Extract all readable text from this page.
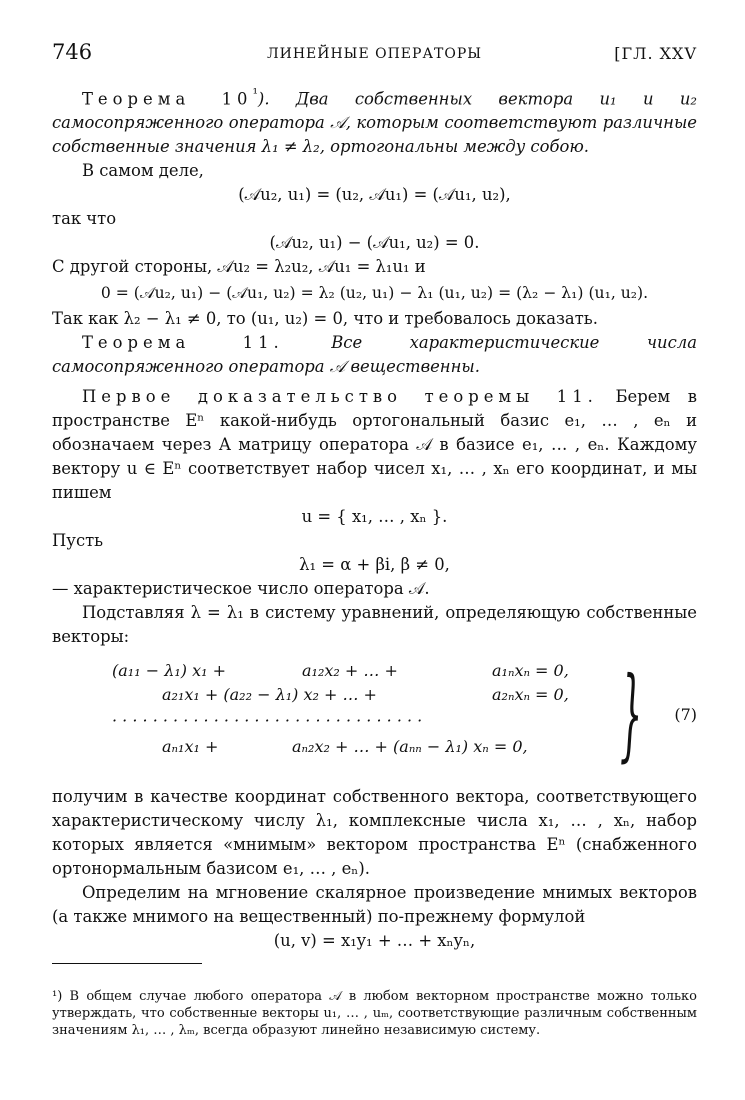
746	ЛИНЕЙНЫЕ ОПЕРАТОРЫ	[ГЛ. XXV

Теорема $10^{^1}$). Два собственных вектора u₁ и u₂ самосопряженного оператора 𝒜, которым соответствуют различные собственные значения λ₁ ≠ λ₂, ортогональны между собою.

В самом деле,

(𝒜u₂, u₁) = (u₂, 𝒜u₁) = (𝒜u₁, u₂),

так что

(𝒜u₂, u₁) − (𝒜u₁, u₂) = 0.

С другой стороны, 𝒜u₂ = λ₂u₂, 𝒜u₁ = λ₁u₁ и

0 = (𝒜u₂, u₁) − (𝒜u₁, u₂) = λ₂ (u₂, u₁) − λ₁ (u₁, u₂) = (λ₂ − λ₁) (u₁, u₂).

Так как λ₂ − λ₁ ≠ 0, то (u₁, u₂) = 0, что и требовалось доказать.

Теорема 11.	Все характеристические числа самосопряженного оператора 𝒜 вещественны.

Первое доказательство теоремы 11. Берем в пространстве Eⁿ какой-нибудь ортогональный базис e₁, … , eₙ и обозначаем через A матрицу оператора 𝒜 в базисе e₁, … , eₙ. Каждому вектору u ∈ Eⁿ соответствует набор чисел x₁, … , xₙ его координат, и мы пишем

u = { x₁, … , xₙ }.

Пусть

λ₁ = α + βi, β ≠ 0,

— характеристическое число оператора 𝒜.

Подставляя λ = λ₁ в систему уравнений, определяющую собственные векторы:

(a₁₁ − λ₁) x₁ +	a₁₂x₂ + … +	a₁ₙxₙ = 0,
a₂₁x₁ + (a₂₂ − λ₁) x₂ + … +	a₂ₙxₙ = 0,
· · · · · · · · · · · · · · · · · · · · · · · · · · · · · · ·
aₙ₁x₁ +	aₙ₂x₂ + … + (aₙₙ − λ₁) xₙ = 0, } (7)

получим в качестве координат собственного вектора, соответствующего характеристическому числу λ₁, комплексные числа x₁, … , xₙ, набор которых является «мнимым» вектором пространства Eⁿ (снабженного ортонормальным базисом e₁, … , eₙ).

Определим на мгновение скалярное произведение мнимых векторов (а также мнимого на вещественный) по-прежнему формулой

(u, v) = x₁y₁ + … + xₙyₙ,

¹) В общем случае любого оператора 𝒜 в любом векторном пространстве можно только утверждать, что собственные векторы u₁, … , uₘ, соответствующие различным собственным значениям λ₁, … , λₘ, всегда образуют линейно независимую систему.
